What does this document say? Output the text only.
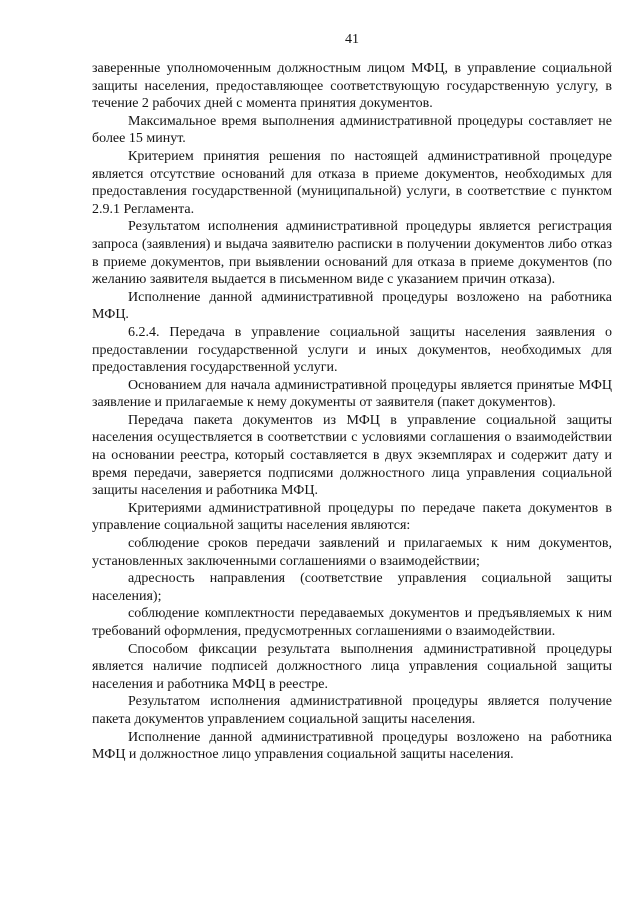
41

заверенные уполномоченным должностным лицом МФЦ, в управление социальной защиты населения, предоставляющее соответствующую государственную услугу, в течение 2 рабочих дней с момента принятия документов.

Максимальное время выполнения административной процедуры составляет не более 15 минут.

Критерием принятия решения по настоящей административной процедуре является отсутствие оснований для отказа в приеме документов, необходимых для предоставления государственной (муниципальной) услуги, в соответствие с пунктом 2.9.1 Регламента.

Результатом исполнения административной процедуры является регистрация запроса (заявления) и выдача заявителю расписки в получении документов либо отказ в приеме документов, при выявлении оснований для отказа в приеме документов (по желанию заявителя выдается в письменном виде с указанием причин отказа).

Исполнение данной административной процедуры возложено на работника МФЦ.

6.2.4. Передача в управление социальной защиты населения заявления о предоставлении государственной услуги и иных документов, необходимых для предоставления государственной услуги.

Основанием для начала административной процедуры является принятые МФЦ заявление и прилагаемые к нему документы от заявителя (пакет документов).

Передача пакета документов из МФЦ в управление социальной защиты населения осуществляется в соответствии с условиями соглашения о взаимодействии на основании реестра, который составляется в двух экземплярах и содержит дату и время передачи, заверяется подписями должностного лица управления социальной защиты населения и работника МФЦ.

Критериями административной процедуры по передаче пакета документов в управление социальной защиты населения являются:

соблюдение сроков передачи заявлений и прилагаемых к ним документов, установленных заключенными соглашениями о взаимодействии;

адресность направления (соответствие управления социальной защиты населения);

соблюдение комплектности передаваемых документов и предъявляемых к ним требований оформления, предусмотренных соглашениями о взаимодействии.

Способом фиксации результата выполнения административной процедуры является наличие подписей должностного лица управления социальной защиты населения и работника МФЦ в реестре.

Результатом исполнения административной процедуры является получение пакета документов управлением социальной защиты населения.

Исполнение данной административной процедуры возложено на работника МФЦ и должностное лицо управления социальной защиты населения.
